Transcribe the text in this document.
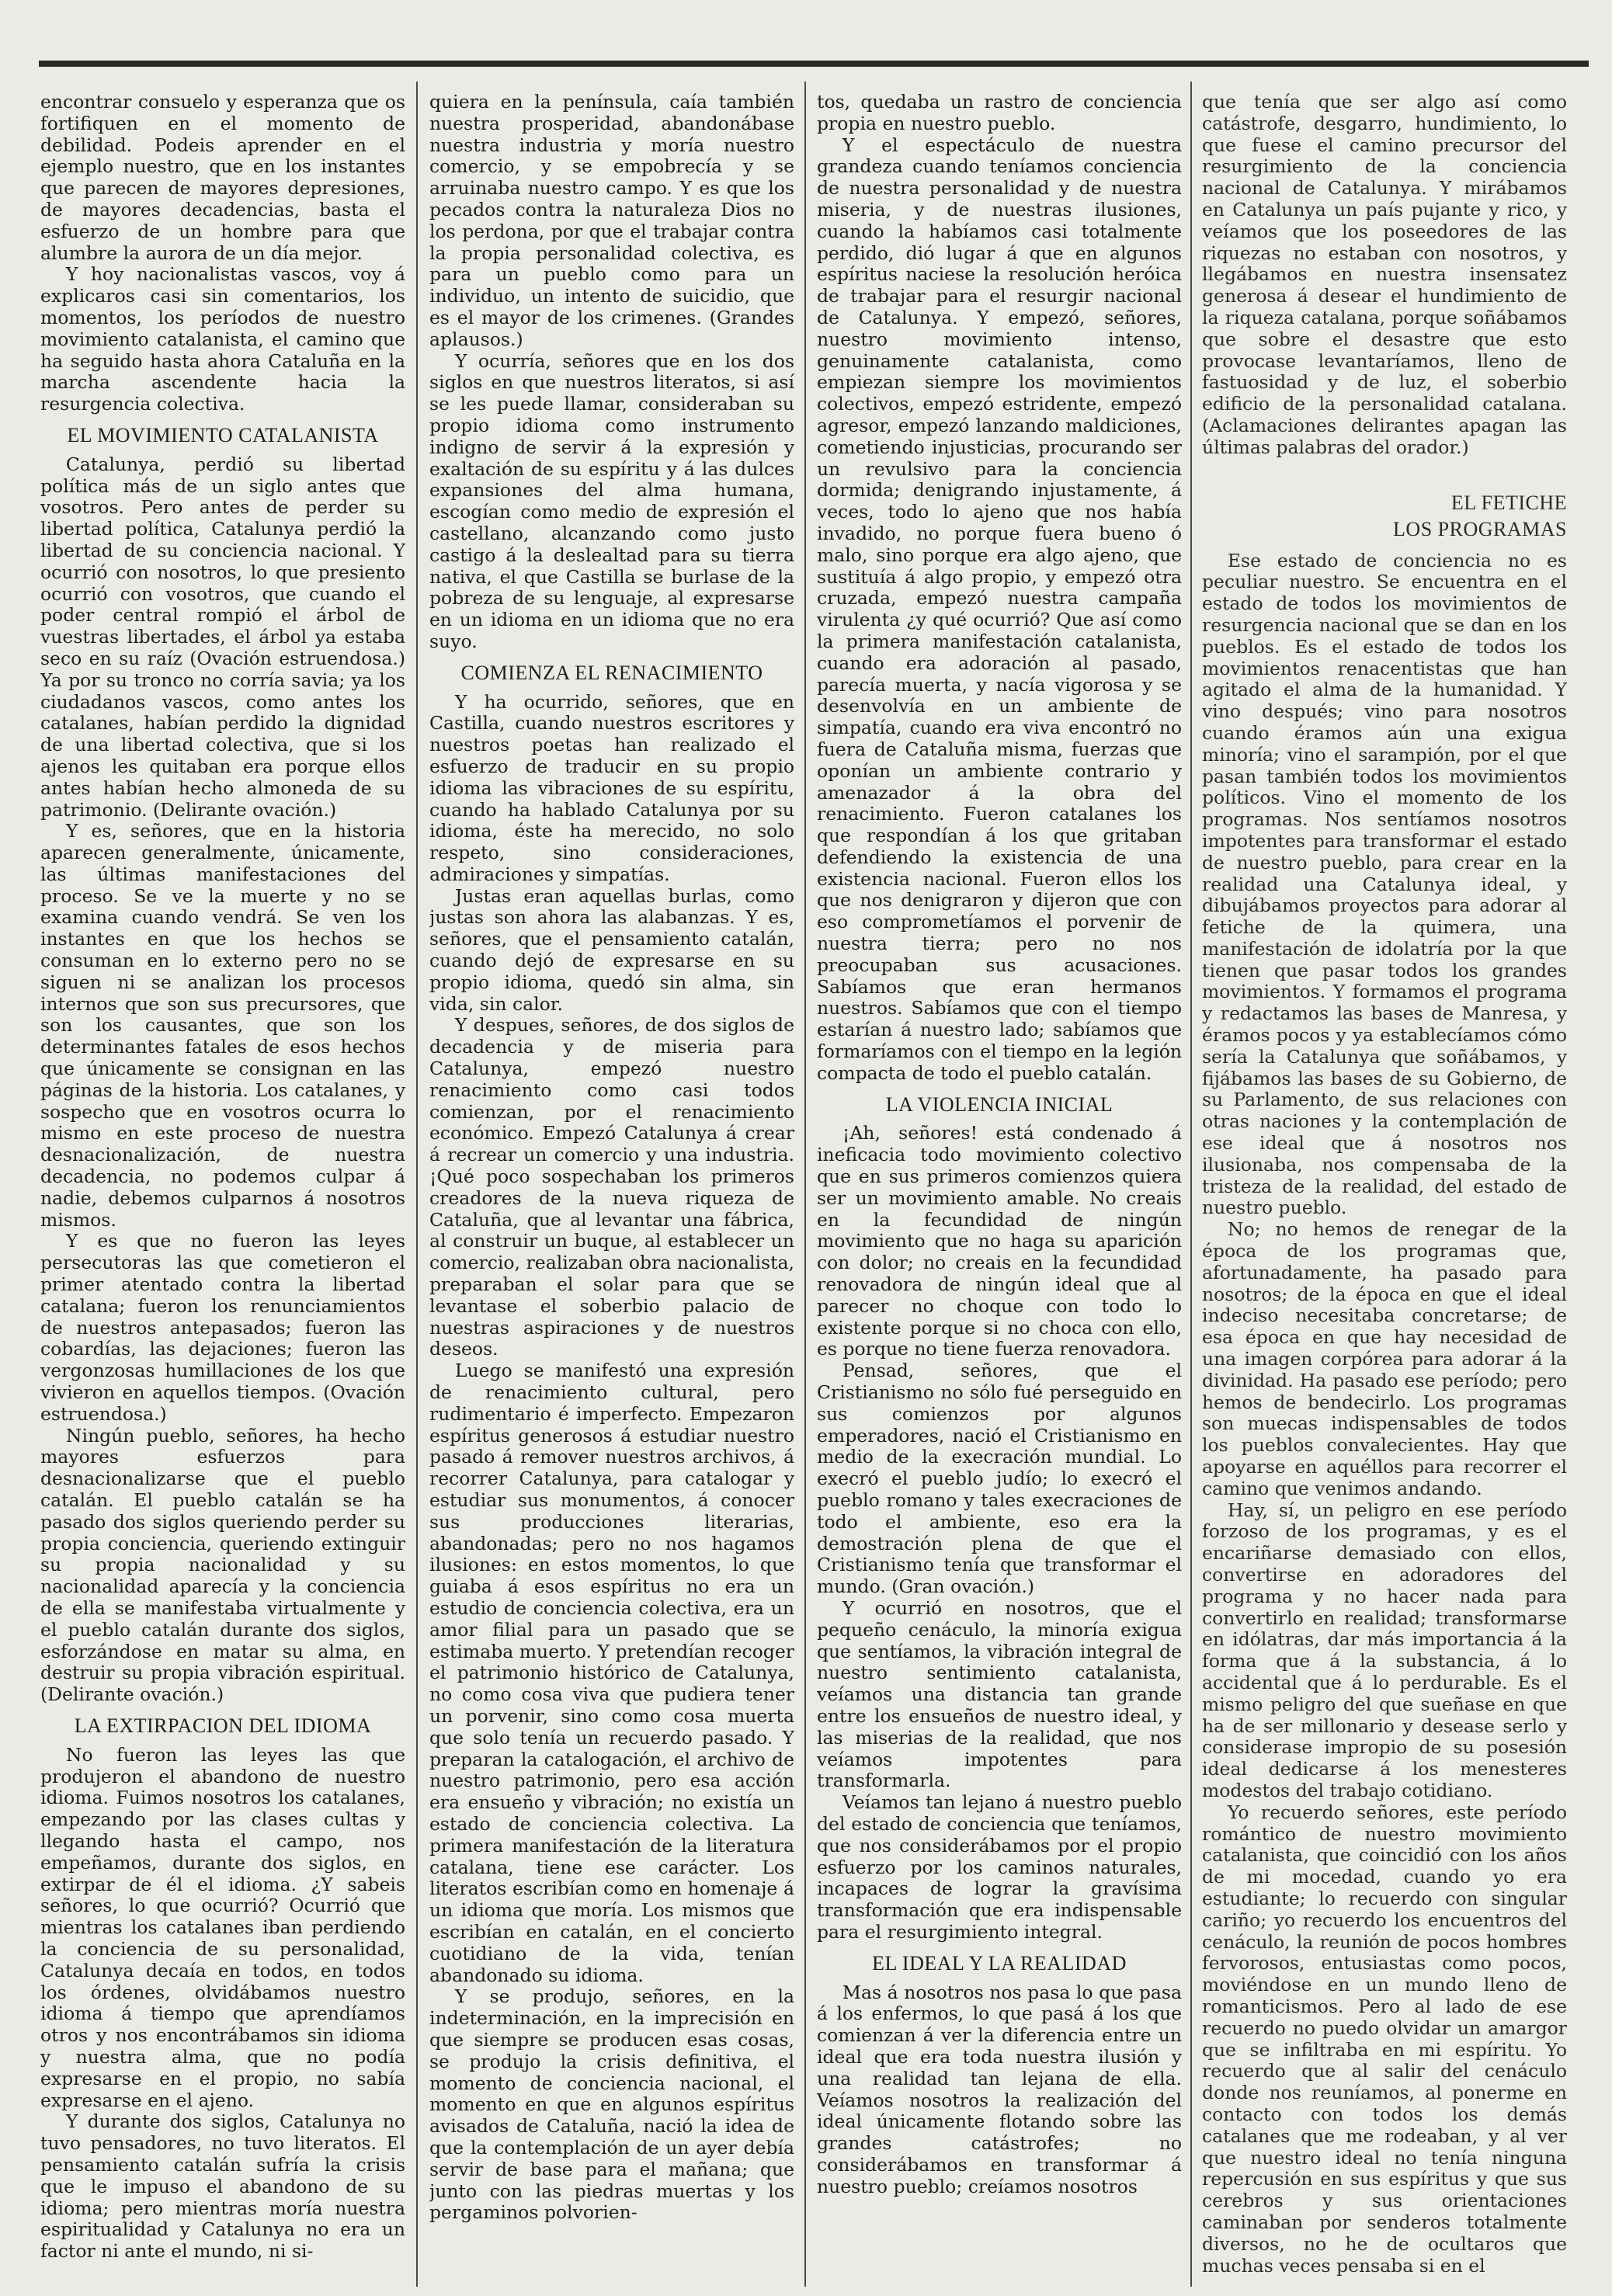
encontrar consuelo y esperanza que os fortifiquen en el momento de debilidad. Podeis aprender en el ejemplo nuestro, que en los instantes que parecen de mayores depresiones, de mayores decadencias, basta el esfuerzo de un hombre para que alumbre la aurora de un día mejor.

Y hoy nacionalistas vascos, voy á explicaros casi sin comentarios, los momentos, los períodos de nuestro movimiento catalanista, el camino que ha seguido hasta ahora Cataluña en la marcha ascendente hacia la resurgencia colectiva.

EL MOVIMIENTO CATALANISTA

Catalunya, perdió su libertad política más de un siglo antes que vosotros. Pero antes de perder su libertad política, Catalunya perdió la libertad de su conciencia nacional. Y ocurrió con nosotros, lo que presiento ocurrió con vosotros, que cuando el poder central rompió el árbol de vuestras libertades, el árbol ya estaba seco en su raíz (Ovación estruendosa.) Ya por su tronco no corría savia; ya los ciudadanos vascos, como antes los catalanes, habían perdido la dignidad de una libertad colectiva, que si los ajenos les quitaban era porque ellos antes habían hecho almoneda de su patrimonio. (Delirante ovación.)

Y es, señores, que en la historia aparecen generalmente, únicamente, las últimas manifestaciones del proceso. Se ve la muerte y no se examina cuando vendrá. Se ven los instantes en que los hechos se consuman en lo externo pero no se siguen ni se analizan los procesos internos que son sus precursores, que son los causantes, que son los determinantes fatales de esos hechos que únicamente se consignan en las páginas de la historia. Los catalanes, y sospecho que en vosotros ocurra lo mismo en este proceso de nuestra desnacionalización, de nuestra decadencia, no podemos culpar á nadie, debemos culparnos á nosotros mismos.

Y es que no fueron las leyes persecutoras las que cometieron el primer atentado contra la libertad catalana; fueron los renunciamientos de nuestros antepasados; fueron las cobardías, las dejaciones; fueron las vergonzosas humillaciones de los que vivieron en aquellos tiempos. (Ovación estruendosa.)

Ningún pueblo, señores, ha hecho mayores esfuerzos para desnacionalizarse que el pueblo catalán. El pueblo catalán se ha pasado dos siglos queriendo perder su propia conciencia, queriendo extinguir su propia nacionalidad y su nacionalidad aparecía y la conciencia de ella se manifestaba virtualmente y el pueblo catalán durante dos siglos, esforzándose en matar su alma, en destruir su propia vibración espiritual. (Delirante ovación.)

LA EXTIRPACION DEL IDIOMA

No fueron las leyes las que produjeron el abandono de nuestro idioma. Fuimos nosotros los catalanes, empezando por las clases cultas y llegando hasta el campo, nos empeñamos, durante dos siglos, en extirpar de él el idioma. ¿Y sabeis señores, lo que ocurrió? Ocurrió que mientras los catalanes iban perdiendo la conciencia de su personalidad, Catalunya decaía en todos, en todos los órdenes, olvidábamos nuestro idioma á tiempo que aprendíamos otros y nos encontrábamos sin idioma y nuestra alma, que no podía expresarse en el propio, no sabía expresarse en el ajeno.

Y durante dos siglos, Catalunya no tuvo pensadores, no tuvo literatos. El pensamiento catalán sufría la crisis que le impuso el abandono de su idioma; pero mientras moría nuestra espiritualidad y Catalunya no era un factor ni ante el mundo, ni si-

quiera en la península, caía también nuestra prosperidad, abandonábase nuestra industria y moría nuestro comercio, y se empobrecía y se arruinaba nuestro campo. Y es que los pecados contra la naturaleza Dios no los perdona, por que el trabajar contra la propia personalidad colectiva, es para un pueblo como para un individuo, un intento de suicidio, que es el mayor de los crimenes. (Grandes aplausos.)

Y ocurría, señores que en los dos siglos en que nuestros literatos, si así se les puede llamar, consideraban su propio idioma como instrumento indigno de servir á la expresión y exaltación de su espíritu y á las dulces expansiones del alma humana, escogían como medio de expresión el castellano, alcanzando como justo castigo á la deslealtad para su tierra nativa, el que Castilla se burlase de la pobreza de su lenguaje, al expresarse en un idioma en un idioma que no era suyo.

COMIENZA EL RENACIMIENTO

Y ha ocurrido, señores, que en Castilla, cuando nuestros escritores y nuestros poetas han realizado el esfuerzo de traducir en su propio idioma las vibraciones de su espíritu, cuando ha hablado Catalunya por su idioma, éste ha merecido, no solo respeto, sino consideraciones, admiraciones y simpatías.

Justas eran aquellas burlas, como justas son ahora las alabanzas. Y es, señores, que el pensamiento catalán, cuando dejó de expresarse en su propio idioma, quedó sin alma, sin vida, sin calor.

Y despues, señores, de dos siglos de decadencia y de miseria para Catalunya, empezó nuestro renacimiento como casi todos comienzan, por el renacimiento económico. Empezó Catalunya á crear á recrear un comercio y una industria. ¡Qué poco sospechaban los primeros creadores de la nueva riqueza de Cataluña, que al levantar una fábrica, al construir un buque, al establecer un comercio, realizaban obra nacionalista, preparaban el solar para que se levantase el soberbio palacio de nuestras aspiraciones y de nuestros deseos.

Luego se manifestó una expresión de renacimiento cultural, pero rudimentario é imperfecto. Empezaron espíritus generosos á estudiar nuestro pasado á remover nuestros archivos, á recorrer Catalunya, para catalogar y estudiar sus monumentos, á conocer sus producciones literarias, abandonadas; pero no nos hagamos ilusiones: en estos momentos, lo que guiaba á esos espíritus no era un estudio de conciencia colectiva, era un amor filial para un pasado que se estimaba muerto. Y pretendían recoger el patrimonio histórico de Catalunya, no como cosa viva que pudiera tener un porvenir, sino como cosa muerta que solo tenía un recuerdo pasado. Y preparan la catalogación, el archivo de nuestro patrimonio, pero esa acción era ensueño y vibración; no existía un estado de conciencia colectiva. La primera manifestación de la literatura catalana, tiene ese carácter. Los literatos escribían como en homenaje á un idioma que moría. Los mismos que escribían en catalán, en el concierto cuotidiano de la vida, tenían abandonado su idioma.

Y se produjo, señores, en la indeterminación, en la imprecisión en que siempre se producen esas cosas, se produjo la crisis definitiva, el momento de conciencia nacional, el momento en que en algunos espíritus avisados de Cataluña, nació la idea de que la contemplación de un ayer debía servir de base para el mañana; que junto con las piedras muertas y los pergaminos polvorien-

tos, quedaba un rastro de conciencia propia en nuestro pueblo.

Y el espectáculo de nuestra grandeza cuando teníamos conciencia de nuestra personalidad y de nuestra miseria, y de nuestras ilusiones, cuando la habíamos casi totalmente perdido, dió lugar á que en algunos espíritus naciese la resolución heróica de trabajar para el resurgir nacional de Catalunya. Y empezó, señores, nuestro movimiento intenso, genuinamente catalanista, como empiezan siempre los movimientos colectivos, empezó estridente, empezó agresor, empezó lanzando maldiciones, cometiendo injusticias, procurando ser un revulsivo para la conciencia dormida; denigrando injustamente, á veces, todo lo ajeno que nos había invadido, no porque fuera bueno ó malo, sino porque era algo ajeno, que sustituía á algo propio, y empezó otra cruzada, empezó nuestra campaña virulenta ¿y qué ocurrió? Que así como la primera manifestación catalanista, cuando era adoración al pasado, parecía muerta, y nacía vigorosa y se desenvolvía en un ambiente de simpatía, cuando era viva encontró no fuera de Cataluña misma, fuerzas que oponían un ambiente contrario y amenazador á la obra del renacimiento. Fueron catalanes los que respondían á los que gritaban defendiendo la existencia de una existencia nacional. Fueron ellos los que nos denigraron y dijeron que con eso comprometíamos el porvenir de nuestra tierra; pero no nos preocupaban sus acusaciones. Sabíamos que eran hermanos nuestros. Sabíamos que con el tiempo estarían á nuestro lado; sabíamos que formaríamos con el tiempo en la legión compacta de todo el pueblo catalán.

LA VIOLENCIA INICIAL

¡Ah, señores! está condenado á ineficacia todo movimiento colectivo que en sus primeros comienzos quiera ser un movimiento amable. No creais en la fecundidad de ningún movimiento que no haga su aparición con dolor; no creais en la fecundidad renovadora de ningún ideal que al parecer no choque con todo lo existente porque si no choca con ello, es porque no tiene fuerza renovadora.

Pensad, señores, que el Cristianismo no sólo fué perseguido en sus comienzos por algunos emperadores, nació el Cristianismo en medio de la execración mundial. Lo execró el pueblo judío; lo execró el pueblo romano y tales execraciones de todo el ambiente, eso era la demostración plena de que el Cristianismo tenía que transformar el mundo. (Gran ovación.)

Y ocurrió en nosotros, que el pequeño cenáculo, la minoría exigua que sentíamos, la vibración integral de nuestro sentimiento catalanista, veíamos una distancia tan grande entre los ensueños de nuestro ideal, y las miserias de la realidad, que nos veíamos impotentes para transformarla.

Veíamos tan lejano á nuestro pueblo del estado de conciencia que teníamos, que nos considerábamos por el propio esfuerzo por los caminos naturales, incapaces de lograr la gravísima transformación que era indispensable para el resurgimiento integral.

EL IDEAL Y LA REALIDAD

Mas á nosotros nos pasa lo que pasa á los enfermos, lo que pasá á los que comienzan á ver la diferencia entre un ideal que era toda nuestra ilusión y una realidad tan lejana de ella. Veíamos nosotros la realización del ideal únicamente flotando sobre las grandes catástrofes; no considerábamos en transformar á nuestro pueblo; creíamos nosotros

que tenía que ser algo así como catástrofe, desgarro, hundimiento, lo que fuese el camino precursor del resurgimiento de la conciencia nacional de Catalunya. Y mirábamos en Catalunya un país pujante y rico, y veíamos que los poseedores de las riquezas no estaban con nosotros, y llegábamos en nuestra insensatez generosa á desear el hundimiento de la riqueza catalana, porque soñábamos que sobre el desastre que esto provocase levantaríamos, lleno de fastuosidad y de luz, el soberbio edificio de la personalidad catalana. (Aclamaciones delirantes apagan las últimas palabras del orador.)

EL FETICHE
LOS PROGRAMAS

Ese estado de conciencia no es peculiar nuestro. Se encuentra en el estado de todos los movimientos de resurgencia nacional que se dan en los pueblos. Es el estado de todos los movimientos renacentistas que han agitado el alma de la humanidad. Y vino después; vino para nosotros cuando éramos aún una exigua minoría; vino el sarampión, por el que pasan también todos los movimientos políticos. Vino el momento de los programas. Nos sentíamos nosotros impotentes para transformar el estado de nuestro pueblo, para crear en la realidad una Catalunya ideal, y dibujábamos proyectos para adorar al fetiche de la quimera, una manifestación de idolatría por la que tienen que pasar todos los grandes movimientos. Y formamos el programa y redactamos las bases de Manresa, y éramos pocos y ya establecíamos cómo sería la Catalunya que soñábamos, y fijábamos las bases de su Gobierno, de su Parlamento, de sus relaciones con otras naciones y la contemplación de ese ideal que á nosotros nos ilusionaba, nos compensaba de la tristeza de la realidad, del estado de nuestro pueblo.

No; no hemos de renegar de la época de los programas que, afortunadamente, ha pasado para nosotros; de la época en que el ideal indeciso necesitaba concretarse; de esa época en que hay necesidad de una imagen corpórea para adorar á la divinidad. Ha pasado ese período; pero hemos de bendecirlo. Los programas son muecas indispensables de todos los pueblos convalecientes. Hay que apoyarse en aquéllos para recorrer el camino que venimos andando.

Hay, sí, un peligro en ese período forzoso de los programas, y es el encariñarse demasiado con ellos, convertirse en adoradores del programa y no hacer nada para convertirlo en realidad; transformarse en idólatras, dar más importancia á la forma que á la substancia, á lo accidental que á lo perdurable. Es el mismo peligro del que sueñase en que ha de ser millonario y desease serlo y considerase impropio de su posesión ideal dedicarse á los menesteres modestos del trabajo cotidiano.

Yo recuerdo señores, este período romántico de nuestro movimiento catalanista, que coincidió con los años de mi mocedad, cuando yo era estudiante; lo recuerdo con singular cariño; yo recuerdo los encuentros del cenáculo, la reunión de pocos hombres fervorosos, entusiastas como pocos, moviéndose en un mundo lleno de romanticismos. Pero al lado de ese recuerdo no puedo olvidar un amargor que se infiltraba en mi espíritu. Yo recuerdo que al salir del cenáculo donde nos reuníamos, al ponerme en contacto con todos los demás catalanes que me rodeaban, y al ver que nuestro ideal no tenía ninguna repercusión en sus espíritus y que sus cerebros y sus orientaciones caminaban por senderos totalmente diversos, no he de ocultaros que muchas veces pensaba si en el
